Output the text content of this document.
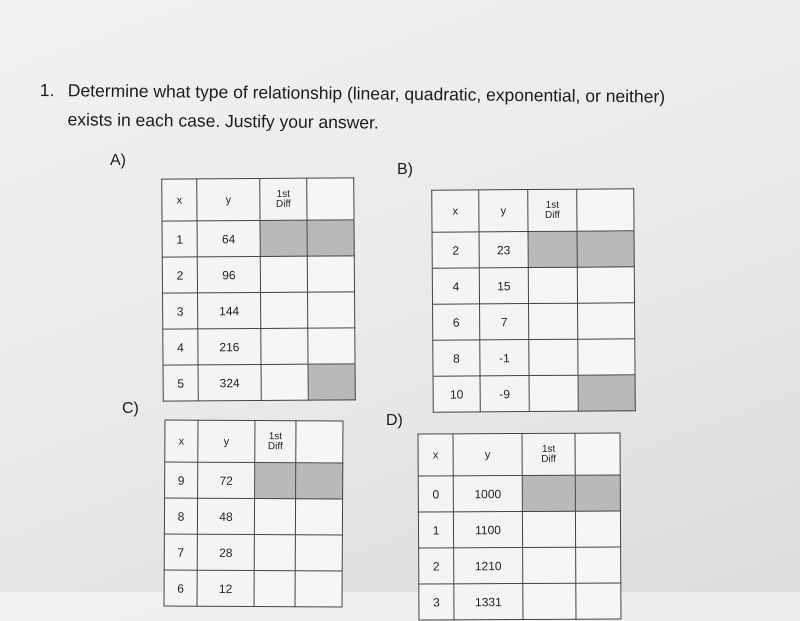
1. Determine what type of relationship (linear, quadratic, exponential, or neither)
exists in each case. Justify your answer.
A)
B)
C)
D)
x	y	1st
Diff	
1	64		
2	96		
3	144		
4	216		
5	324		
x	y	1st
Diff	
2	23		
4	15		
6	7		
8	-1		
10	-9		
x	y	1st
Diff	
9	72		
8	48		
7	28		
6	12		
x	y	1st
Diff	
0	1000		
1	1100		
2	1210		
3	1331		
